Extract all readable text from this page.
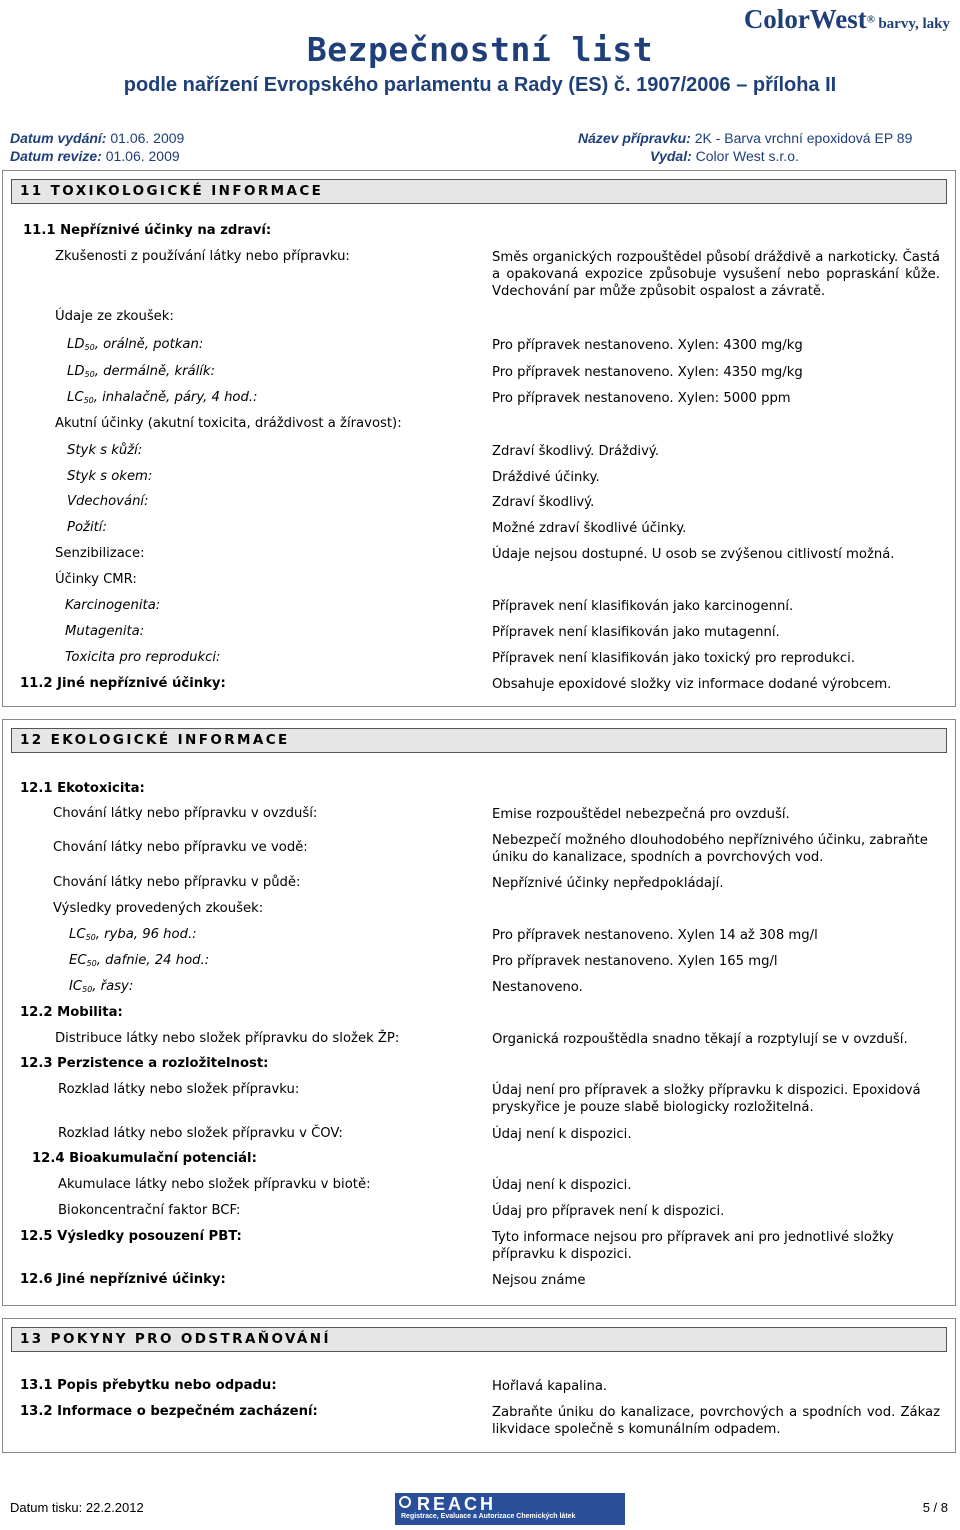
ColorWest® barvy, laky
Bezpečnostní list
podle nařízení Evropského parlamentu a Rady (ES) č. 1907/2006 – příloha II
Datum vydání: 01.06. 2009
Datum revize: 01.06. 2009
Název přípravku: 2K - Barva vrchní epoxidová EP 89
Vydal: Color West s.r.o.
11 TOXIKOLOGICKÉ INFORMACE
11.1 Nepříznivé účinky na zdraví:
Zkušenosti z používání látky nebo přípravku:	Směs organických rozpouštědel působí dráždivě a narkoticky. Častá a opakovaná expozice způsobuje vysušení nebo popraskání kůže. Vdechování par může způsobit ospalost a závratě.
Údaje ze zkoušek:
$LD_{50}$, orálně, potkan:	Pro přípravek nestanoveno. Xylen: 4300 mg/kg
$LD_{50}$, dermálně, králík:	Pro přípravek nestanoveno. Xylen: 4350 mg/kg
$LC_{50}$, inhalačně, páry, 4 hod.:	Pro přípravek nestanoveno. Xylen: 5000 ppm
Akutní účinky (akutní toxicita, dráždivost a žíravost):
Styk s kůží:	Zdraví škodlivý. Dráždivý.
Styk s okem:	Dráždivé účinky.
Vdechování:	Zdraví škodlivý.
Požití:	Možné zdraví škodlivé účinky.
Senzibilizace:	Údaje nejsou dostupné. U osob se zvýšenou citlivostí možná.
Účinky CMR:
Karcinogenita:	Přípravek není klasifikován jako karcinogenní.
Mutagenita:	Přípravek není klasifikován jako mutagenní.
Toxicita pro reprodukci:	Přípravek není klasifikován jako toxický pro reprodukci.
11.2 Jiné nepříznivé účinky:	Obsahuje epoxidové složky viz informace dodané výrobcem.
12 EKOLOGICKÉ INFORMACE
12.1 Ekotoxicita:
Chování látky nebo přípravku v ovzduší:	Emise rozpouštědel nebezpečná pro ovzduší.
Chování látky nebo přípravku ve vodě:	Nebezpečí možného dlouhodobého nepříznivého účinku, zabraňte úniku do kanalizace, spodních a povrchových vod.
Chování látky nebo přípravku v půdě:	Nepříznivé účinky nepředpokládají.
Výsledky provedených zkoušek:
$LC_{50}$, ryba, 96 hod.:	Pro přípravek nestanoveno. Xylen 14 až 308 mg/l
$EC_{50}$, dafnie, 24 hod.:	Pro přípravek nestanoveno. Xylen 165 mg/l
$IC_{50}$, řasy:	Nestanoveno.
12.2 Mobilita:
Distribuce látky nebo složek přípravku do složek ŽP:	Organická rozpouštědla snadno těkají a rozptylují se v ovzduší.
12.3 Perzistence a rozložitelnost:
Rozklad látky nebo složek přípravku:	Údaj není pro přípravek a složky přípravku k dispozici. Epoxidová pryskyřice je pouze slabě biologicky rozložitelná.
Rozklad látky nebo složek přípravku v ČOV:	Údaj není k dispozici.
12.4 Bioakumulační potenciál:
Akumulace látky nebo složek přípravku v biotě:	Údaj není k dispozici.
Biokoncentrační faktor BCF:	Údaj pro přípravek není k dispozici.
12.5 Výsledky posouzení PBT:	Tyto informace nejsou pro přípravek ani pro jednotlivé složky přípravku k dispozici.
12.6 Jiné nepříznivé účinky:	Nejsou známe
13 POKYNY PRO ODSTRAŇOVÁNÍ
13.1 Popis přebytku nebo odpadu:	Hořlavá kapalina.
13.2 Informace o bezpečném zacházení:	Zabraňte úniku do kanalizace, povrchových a spodních vod. Zákaz likvidace společně s komunálním odpadem.
Datum tisku: 22.2.2012	REACH
Registrace, Evaluace a Autorizace Chemických látek
5 / 8
